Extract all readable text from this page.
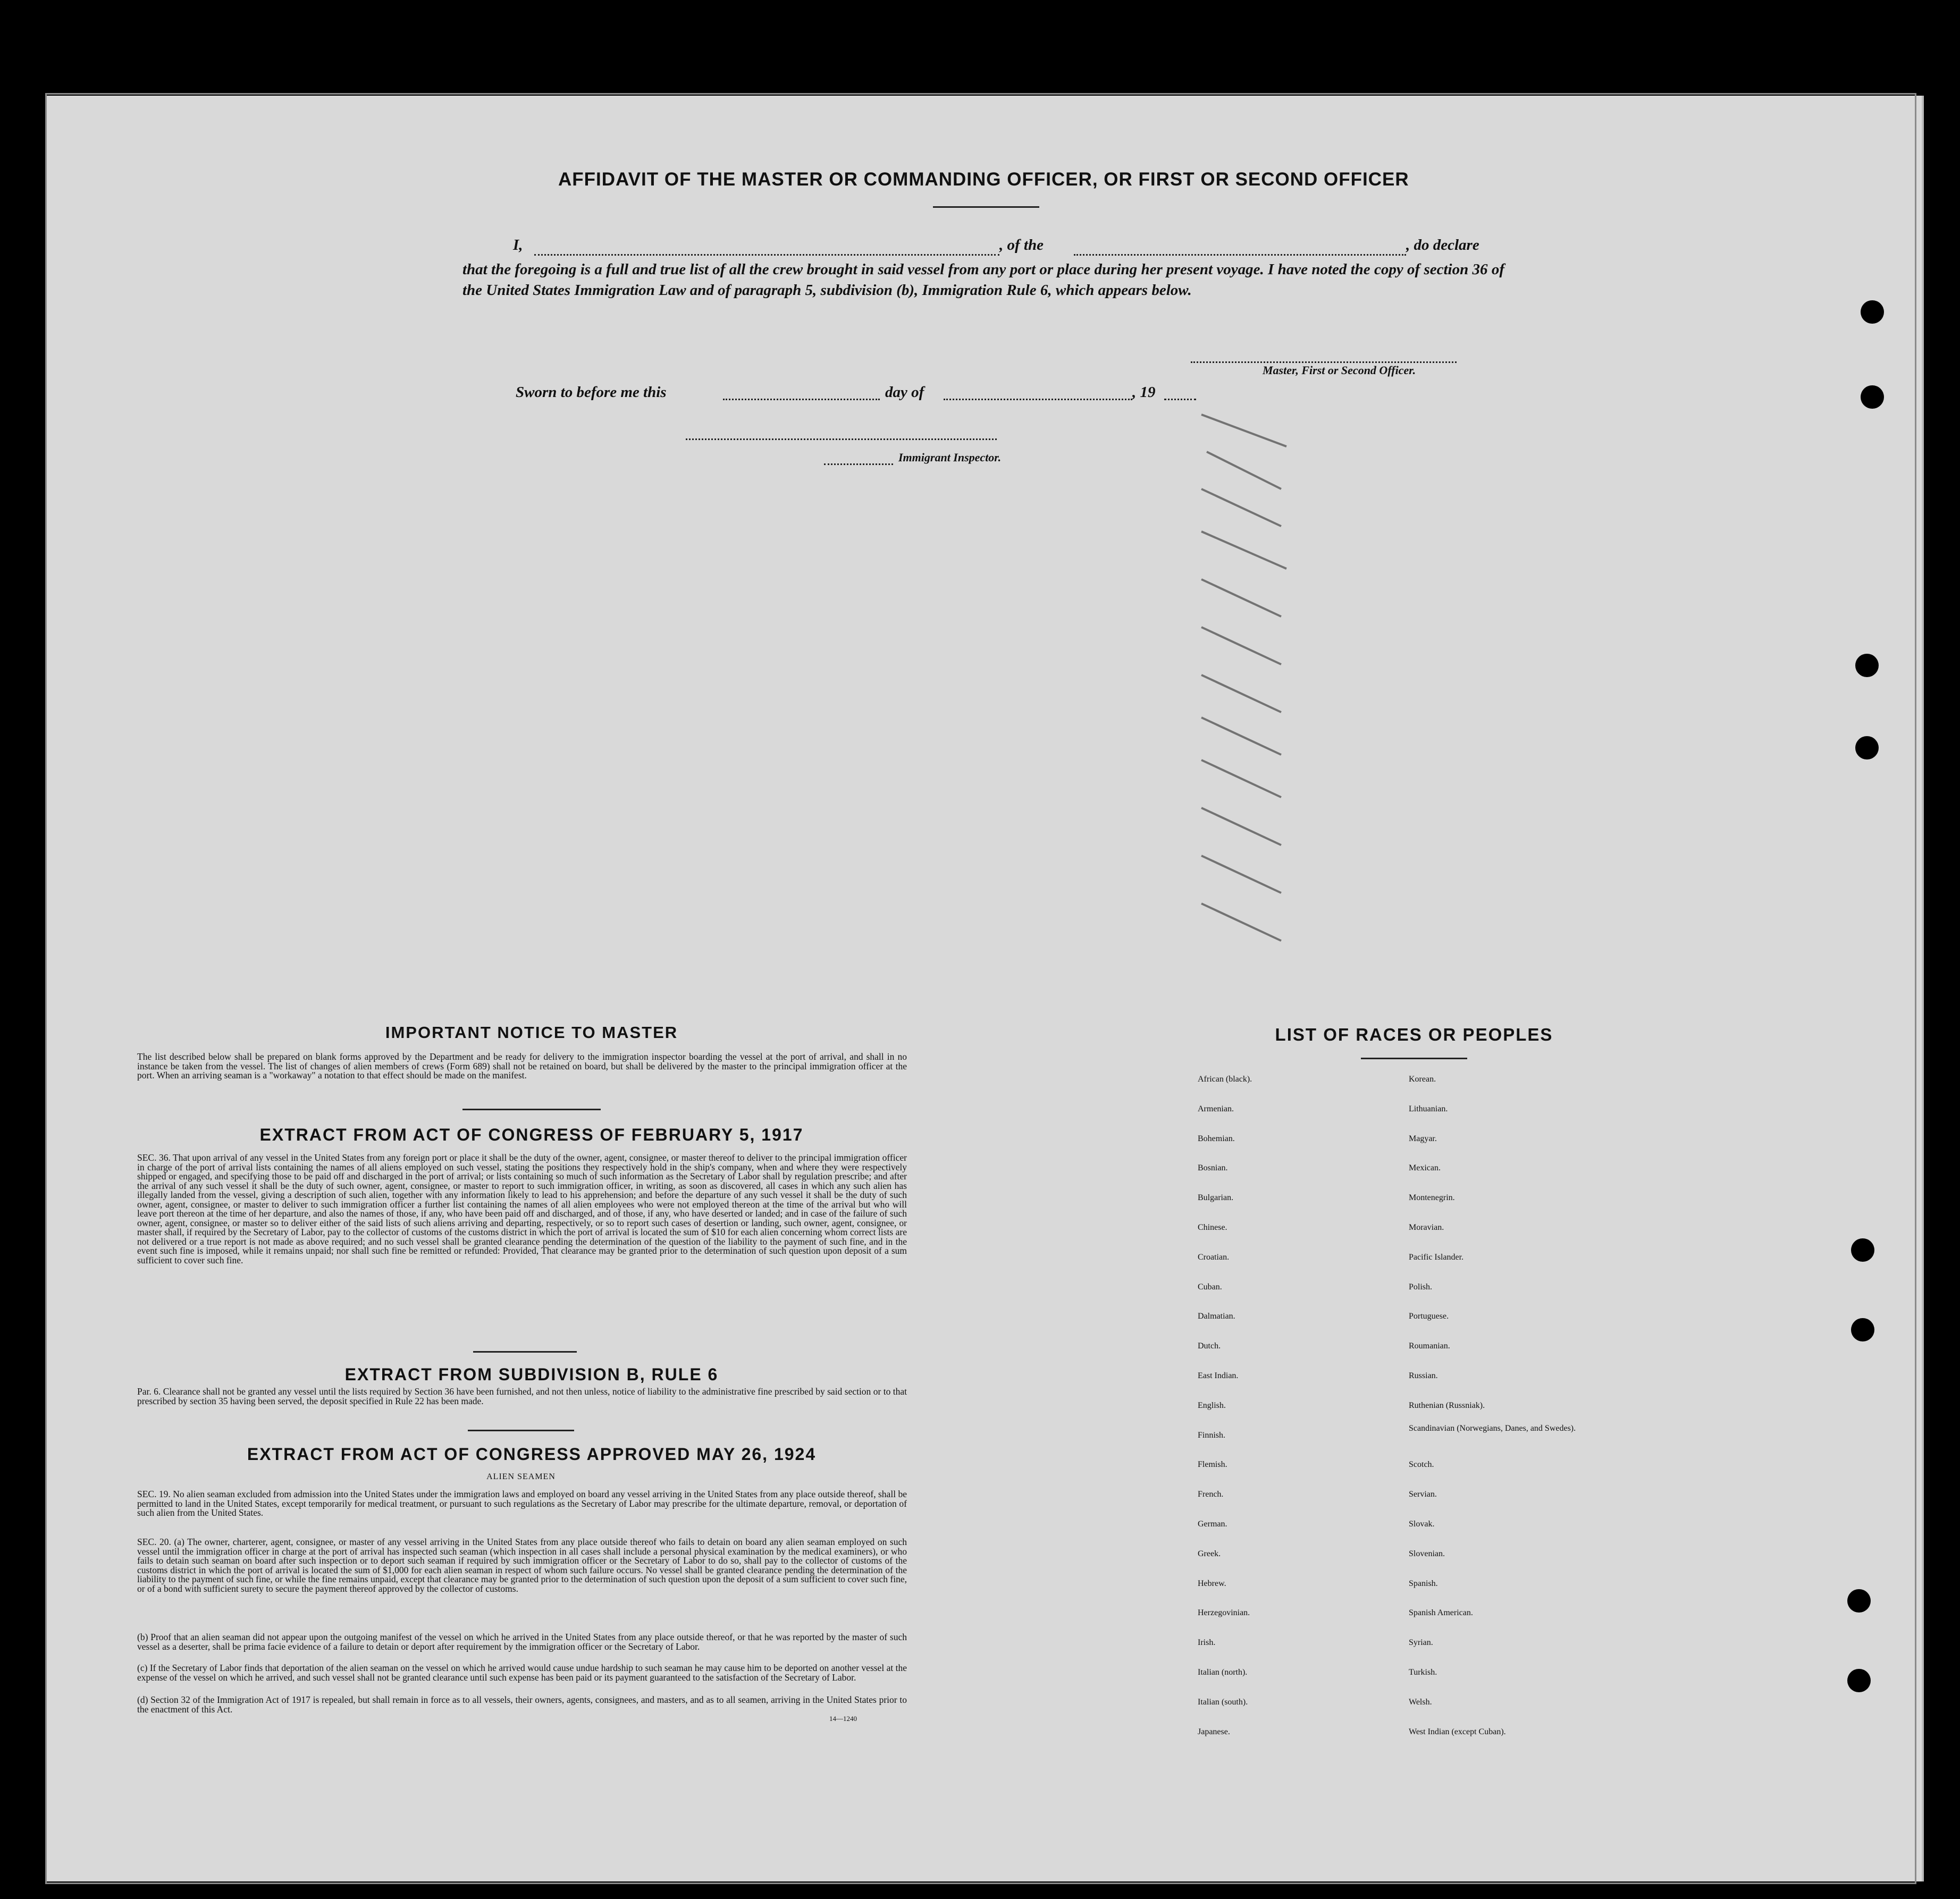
AFFIDAVIT OF THE MASTER OR COMMANDING OFFICER, OR FIRST OR SECOND OFFICER
I,	, of the	, do declare
that the foregoing is a full and true list of all the crew brought in said vessel from any port or place during her present voyage. I have noted the copy of section 36 of the United States Immigration Law and of paragraph 5, subdivision (b), Immigration Rule 6, which appears below.
Master, First or Second Officer.
Sworn to before me this	day of	, 19
Immigrant Inspector.
IMPORTANT NOTICE TO MASTER
The list described below shall be prepared on blank forms approved by the Department and be ready for delivery to the immigration inspector boarding the vessel at the port of arrival, and shall in no instance be taken from the vessel. The list of changes of alien members of crews (Form 689) shall not be retained on board, but shall be delivered by the master to the principal immigration officer at the port. When an arriving seaman is a "workaway" a notation to that effect should be made on the manifest.
EXTRACT FROM ACT OF CONGRESS OF FEBRUARY 5, 1917
SEC. 36. That upon arrival of any vessel in the United States from any foreign port or place it shall be the duty of the owner, agent, consignee, or master thereof to deliver to the principal immigration officer in charge of the port of arrival lists containing the names of all aliens employed on such vessel, stating the positions they respectively hold in the ship's company, when and where they were respectively shipped or engaged, and specifying those to be paid off and discharged in the port of arrival; or lists containing so much of such information as the Secretary of Labor shall by regulation prescribe; and after the arrival of any such vessel it shall be the duty of such owner, agent, consignee, or master to report to such immigration officer, in writing, as soon as discovered, all cases in which any such alien has illegally landed from the vessel, giving a description of such alien, together with any information likely to lead to his apprehension; and before the departure of any such vessel it shall be the duty of such owner, agent, consignee, or master to deliver to such immigration officer a further list containing the names of all alien employees who were not employed thereon at the time of the arrival but who will leave port thereon at the time of her departure, and also the names of those, if any, who have been paid off and discharged, and of those, if any, who have deserted or landed; and in case of the failure of such owner, agent, consignee, or master so to deliver either of the said lists of such aliens arriving and departing, respectively, or so to report such cases of desertion or landing, such owner, agent, consignee, or master shall, if required by the Secretary of Labor, pay to the collector of customs of the customs district in which the port of arrival is located the sum of $10 for each alien concerning whom correct lists are not delivered or a true report is not made as above required; and no such vessel shall be granted clearance pending the determination of the question of the liability to the payment of such fine, and in the event such fine is imposed, while it remains unpaid; nor shall such fine be remitted or refunded: Provided, That clearance may be granted prior to the determination of such question upon deposit of a sum sufficient to cover such fine.
EXTRACT FROM SUBDIVISION B, RULE 6
Par. 6. Clearance shall not be granted any vessel until the lists required by Section 36 have been furnished, and not then unless, notice of liability to the administrative fine prescribed by said section or to that prescribed by section 35 having been served, the deposit specified in Rule 22 has been made.
EXTRACT FROM ACT OF CONGRESS APPROVED MAY 26, 1924
ALIEN SEAMEN
SEC. 19. No alien seaman excluded from admission into the United States under the immigration laws and employed on board any vessel arriving in the United States from any place outside thereof, shall be permitted to land in the United States, except temporarily for medical treatment, or pursuant to such regulations as the Secretary of Labor may prescribe for the ultimate departure, removal, or deportation of such alien from the United States.
SEC. 20. (a) The owner, charterer, agent, consignee, or master of any vessel arriving in the United States from any place outside thereof who fails to detain on board any alien seaman employed on such vessel until the immigration officer in charge at the port of arrival has inspected such seaman (which inspection in all cases shall include a personal physical examination by the medical examiners), or who fails to detain such seaman on board after such inspection or to deport such seaman if required by such immigration officer or the Secretary of Labor to do so, shall pay to the collector of customs of the customs district in which the port of arrival is located the sum of $1,000 for each alien seaman in respect of whom such failure occurs. No vessel shall be granted clearance pending the determination of the liability to the payment of such fine, or while the fine remains unpaid, except that clearance may be granted prior to the determination of such question upon the deposit of a sum sufficient to cover such fine, or of a bond with sufficient surety to secure the payment thereof approved by the collector of customs.
(b) Proof that an alien seaman did not appear upon the outgoing manifest of the vessel on which he arrived in the United States from any place outside thereof, or that he was reported by the master of such vessel as a deserter, shall be prima facie evidence of a failure to detain or deport after requirement by the immigration officer or the Secretary of Labor.
(c) If the Secretary of Labor finds that deportation of the alien seaman on the vessel on which he arrived would cause undue hardship to such seaman he may cause him to be deported on another vessel at the expense of the vessel on which he arrived, and such vessel shall not be granted clearance until such expense has been paid or its payment guaranteed to the satisfaction of the Secretary of Labor.
(d) Section 32 of the Immigration Act of 1917 is repealed, but shall remain in force as to all vessels, their owners, agents, consignees, and masters, and as to all seamen, arriving in the United States prior to the enactment of this Act.
14—1240
LIST OF RACES OR PEOPLES
African (black).
Armenian.
Bohemian.
Bosnian.
Bulgarian.
Chinese.
Croatian.
Cuban.
Dalmatian.
Dutch.
East Indian.
English.
Finnish.
Flemish.
French.
German.
Greek.
Hebrew.
Herzegovinian.
Irish.
Italian (north).
Italian (south).
Japanese.
Korean.
Lithuanian.
Magyar.
Mexican.
Montenegrin.
Moravian.
Pacific Islander.
Polish.
Portuguese.
Roumanian.
Russian.
Ruthenian (Russniak).
Scandinavian (Norwegians, Danes, and Swedes).
Scotch.
Servian.
Slovak.
Slovenian.
Spanish.
Spanish American.
Syrian.
Turkish.
Welsh.
West Indian (except Cuban).
